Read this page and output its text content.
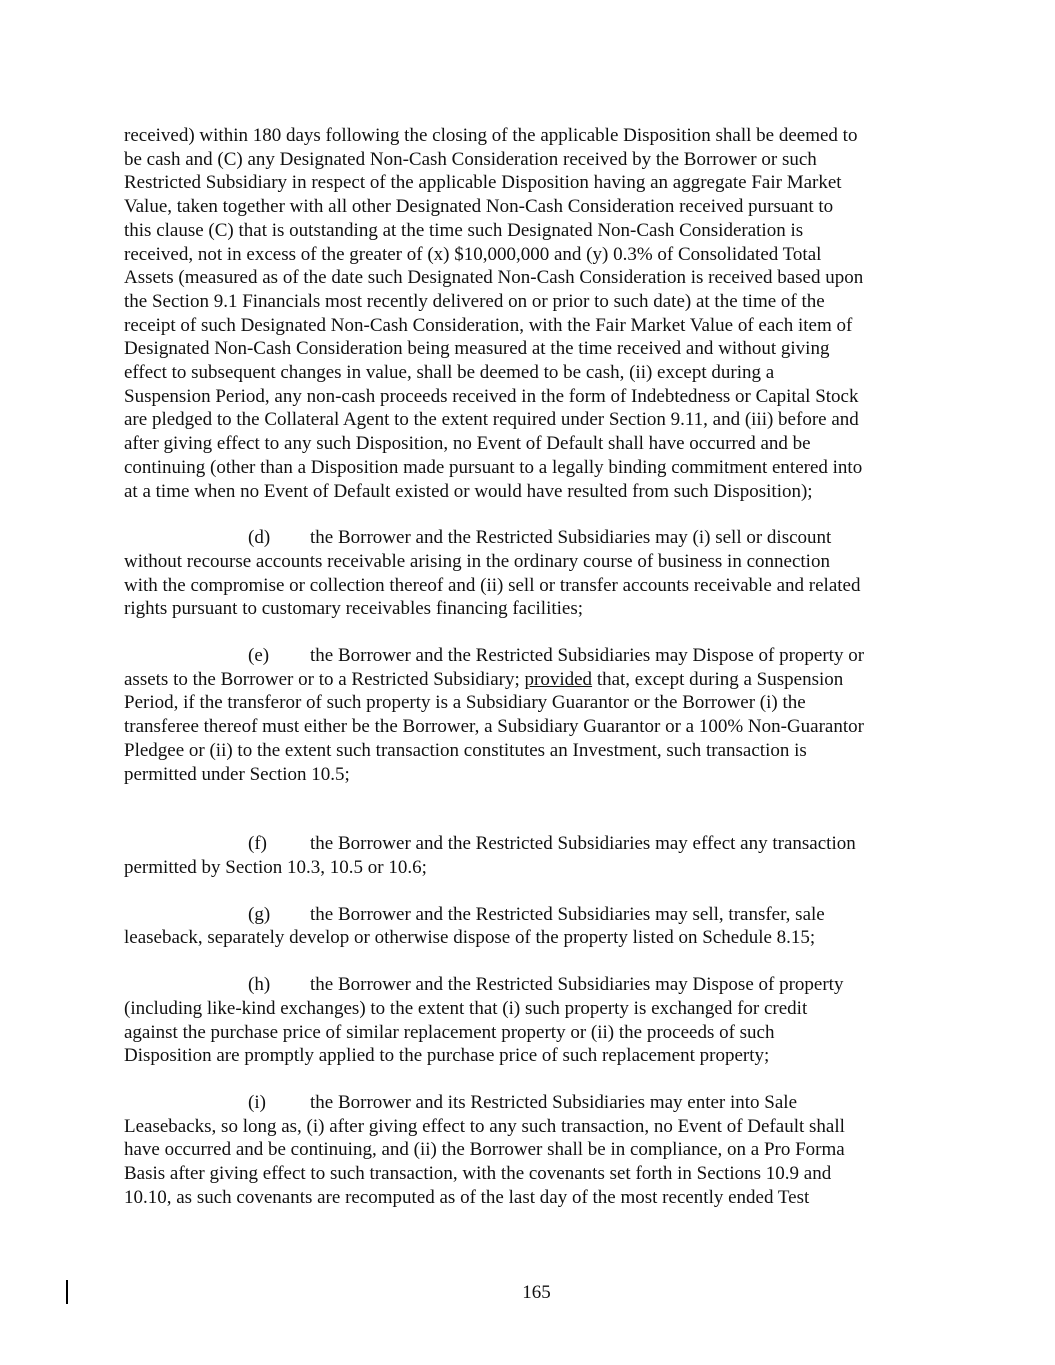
received) within 180 days following the closing of the applicable Disposition shall be deemed to
be cash and (C) any Designated Non-Cash Consideration received by the Borrower or such
Restricted Subsidiary in respect of the applicable Disposition having an aggregate Fair Market
Value, taken together with all other Designated Non-Cash Consideration received pursuant to
this clause (C) that is outstanding at the time such Designated Non-Cash Consideration is
received, not in excess of the greater of (x) $10,000,000 and (y) 0.3% of Consolidated Total
Assets (measured as of the date such Designated Non-Cash Consideration is received based upon
the Section 9.1 Financials most recently delivered on or prior to such date) at the time of the
receipt of such Designated Non-Cash Consideration, with the Fair Market Value of each item of
Designated Non-Cash Consideration being measured at the time received and without giving
effect to subsequent changes in value, shall be deemed to be cash, (ii) except during a
Suspension Period, any non-cash proceeds received in the form of Indebtedness or Capital Stock
are pledged to the Collateral Agent to the extent required under Section 9.11, and (iii) before and
after giving effect to any such Disposition, no Event of Default shall have occurred and be
continuing (other than a Disposition made pursuant to a legally binding commitment entered into
at a time when no Event of Default existed or would have resulted from such Disposition);

(d) the Borrower and the Restricted Subsidiaries may (i) sell or discount
without recourse accounts receivable arising in the ordinary course of business in connection
with the compromise or collection thereof and (ii) sell or transfer accounts receivable and related
rights pursuant to customary receivables financing facilities;

(e) the Borrower and the Restricted Subsidiaries may Dispose of property or
assets to the Borrower or to a Restricted Subsidiary; provided that, except during a Suspension
Period, if the transferor of such property is a Subsidiary Guarantor or the Borrower (i) the
transferee thereof must either be the Borrower, a Subsidiary Guarantor or a 100% Non-Guarantor
Pledgee or (ii) to the extent such transaction constitutes an Investment, such transaction is
permitted under Section 10.5;

(f) the Borrower and the Restricted Subsidiaries may effect any transaction
permitted by Section 10.3, 10.5 or 10.6;

(g) the Borrower and the Restricted Subsidiaries may sell, transfer, sale
leaseback, separately develop or otherwise dispose of the property listed on Schedule 8.15;

(h) the Borrower and the Restricted Subsidiaries may Dispose of property
(including like-kind exchanges) to the extent that (i) such property is exchanged for credit
against the purchase price of similar replacement property or (ii) the proceeds of such
Disposition are promptly applied to the purchase price of such replacement property;

(i) the Borrower and its Restricted Subsidiaries may enter into Sale
Leasebacks, so long as, (i) after giving effect to any such transaction, no Event of Default shall
have occurred and be continuing, and (ii) the Borrower shall be in compliance, on a Pro Forma
Basis after giving effect to such transaction, with the covenants set forth in Sections 10.9 and
10.10, as such covenants are recomputed as of the last day of the most recently ended Test

165
